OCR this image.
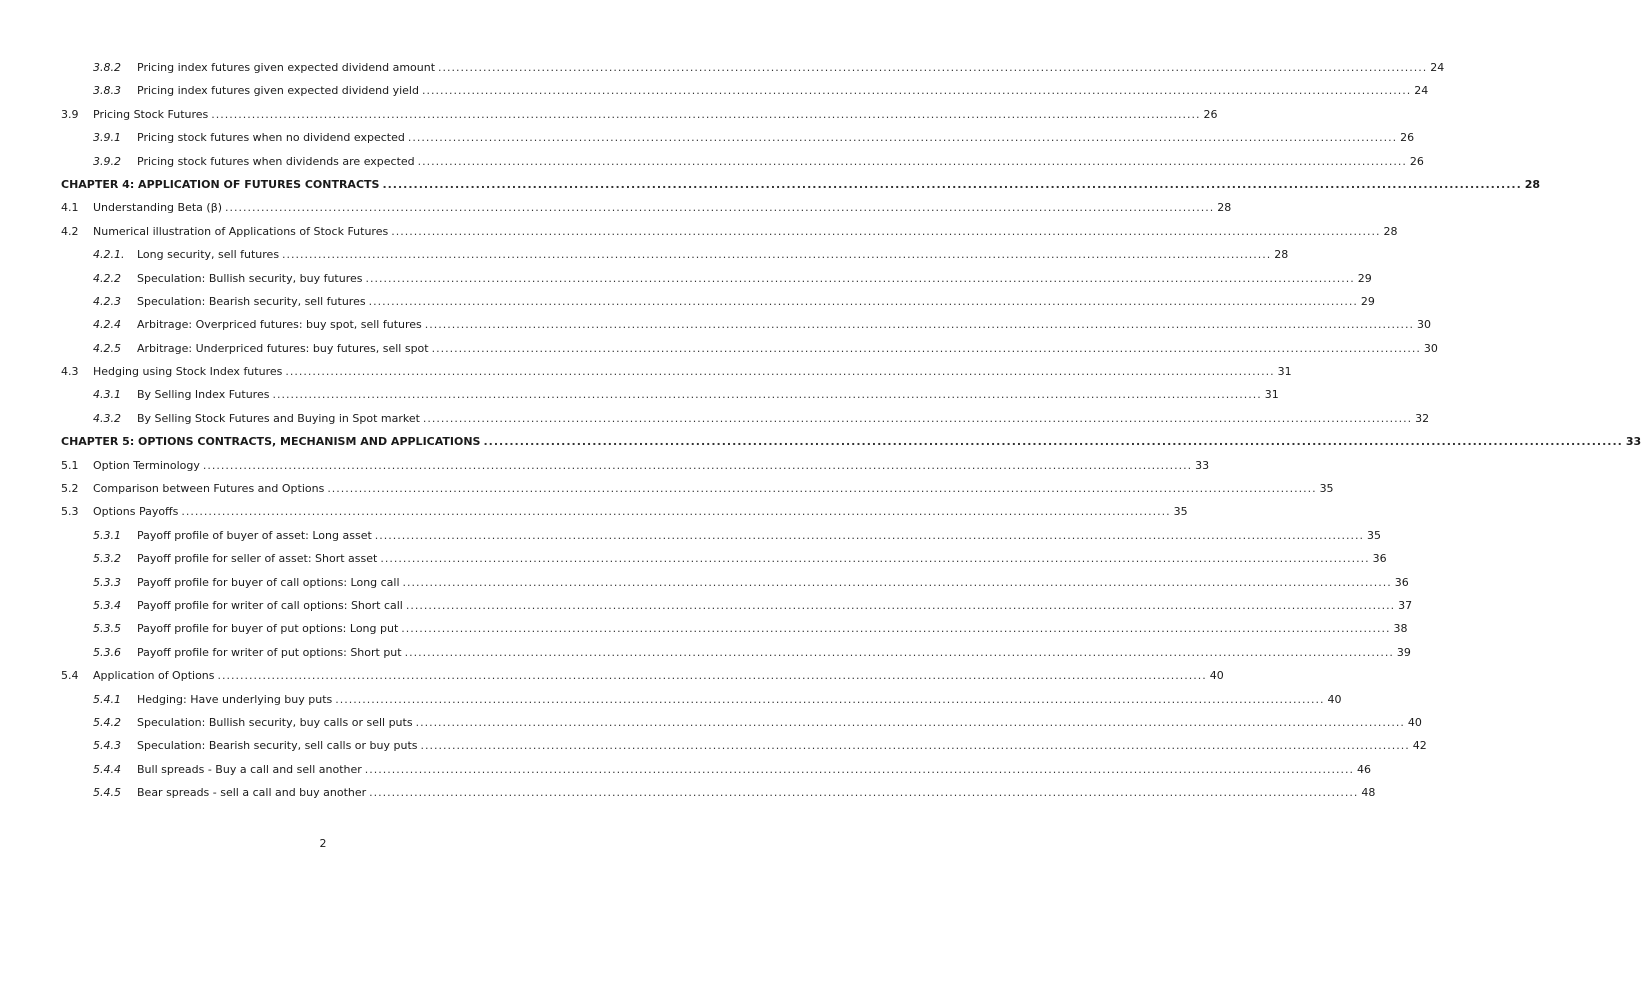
3.8.2	Pricing index futures given expected dividend amount ............................................................................................................................................................................................................................ 24
3.8.3	Pricing index futures given expected dividend yield ............................................................................................................................................................................................................................ 24
3.9	Pricing Stock Futures ............................................................................................................................................................................................................................ 26
3.9.1	Pricing stock futures when no dividend expected ............................................................................................................................................................................................................................ 26
3.9.2	Pricing stock futures when dividends are expected ............................................................................................................................................................................................................................ 26
CHAPTER 4: APPLICATION OF FUTURES CONTRACTS ............................................................................................................................................................................................................................ 28
4.1	Understanding Beta (β) ............................................................................................................................................................................................................................ 28
4.2	Numerical illustration of Applications of Stock Futures ............................................................................................................................................................................................................................ 28
4.2.1.	Long security, sell futures ............................................................................................................................................................................................................................ 28
4.2.2	Speculation: Bullish security, buy futures ............................................................................................................................................................................................................................ 29
4.2.3	Speculation: Bearish security, sell futures ............................................................................................................................................................................................................................ 29
4.2.4	Arbitrage: Overpriced futures: buy spot, sell futures ............................................................................................................................................................................................................................ 30
4.2.5	Arbitrage: Underpriced futures: buy futures, sell spot ............................................................................................................................................................................................................................ 30
4.3	Hedging using Stock Index futures ............................................................................................................................................................................................................................ 31
4.3.1	By Selling Index Futures ............................................................................................................................................................................................................................ 31
4.3.2	By Selling Stock Futures and Buying in Spot market ............................................................................................................................................................................................................................ 32
CHAPTER 5: OPTIONS CONTRACTS, MECHANISM AND APPLICATIONS ............................................................................................................................................................................................................................ 33
5.1	Option Terminology ............................................................................................................................................................................................................................ 33
5.2	Comparison between Futures and Options ............................................................................................................................................................................................................................ 35
5.3	Options Payoffs ............................................................................................................................................................................................................................ 35
5.3.1	Payoff profile of buyer of asset: Long asset ............................................................................................................................................................................................................................ 35
5.3.2	Payoff profile for seller of asset: Short asset ............................................................................................................................................................................................................................ 36
5.3.3	Payoff profile for buyer of call options: Long call ............................................................................................................................................................................................................................ 36
5.3.4	Payoff profile for writer of call options: Short call ............................................................................................................................................................................................................................ 37
5.3.5	Payoff profile for buyer of put options: Long put ............................................................................................................................................................................................................................ 38
5.3.6	Payoff profile for writer of put options: Short put ............................................................................................................................................................................................................................ 39
5.4	Application of Options ............................................................................................................................................................................................................................ 40
5.4.1	Hedging: Have underlying buy puts ............................................................................................................................................................................................................................ 40
5.4.2	Speculation: Bullish security, buy calls or sell puts ............................................................................................................................................................................................................................ 40
5.4.3	Speculation: Bearish security, sell calls or buy puts ............................................................................................................................................................................................................................ 42
5.4.4	Bull spreads - Buy a call and sell another ............................................................................................................................................................................................................................ 46
5.4.5	Bear spreads - sell a call and buy another ............................................................................................................................................................................................................................ 48
2
